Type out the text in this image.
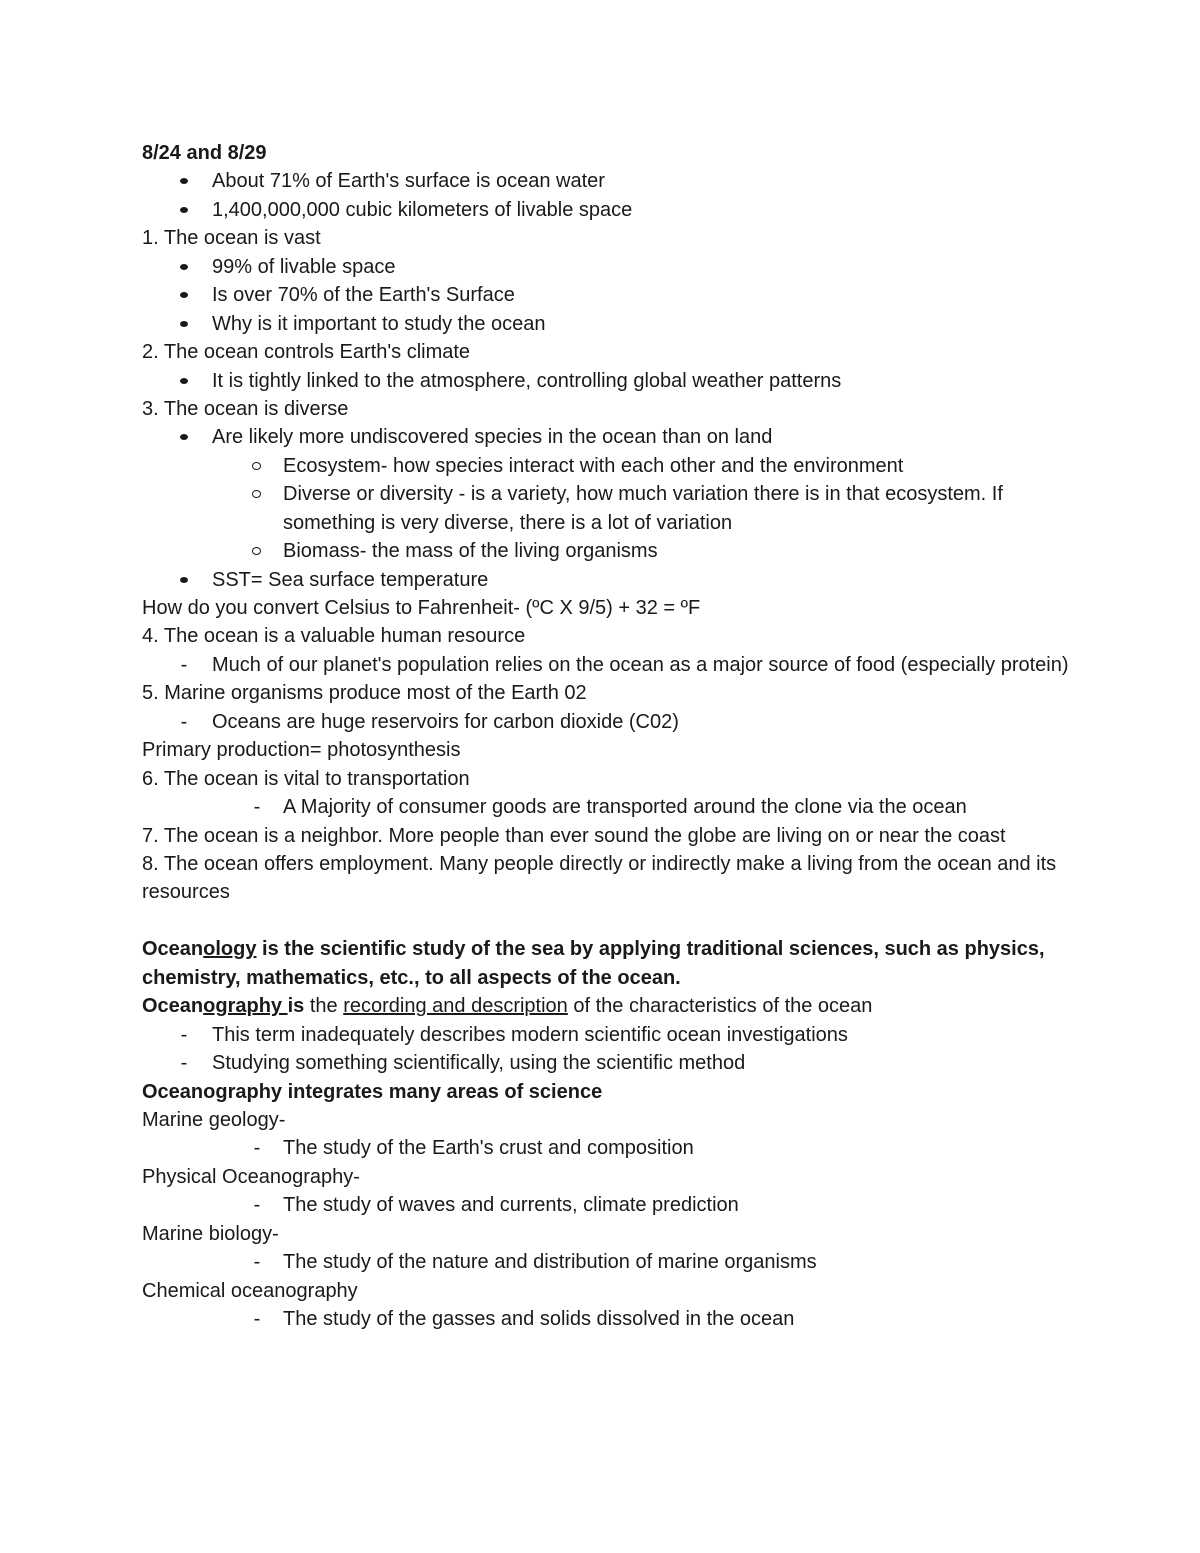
8/24 and 8/29
About 71% of Earth's surface is ocean water
1,400,000,000 cubic kilometers of livable space
1. The ocean is vast
99% of livable space
Is over 70% of the Earth's Surface
Why is it important to study the ocean
2. The ocean controls Earth's climate
It is tightly linked to the atmosphere, controlling global weather patterns
3. The ocean is diverse
Are likely more undiscovered species in the ocean than on land
Ecosystem- how species interact with each other and the environment
Diverse or diversity - is a variety, how much variation there is in that ecosystem. If something is very diverse, there is a lot of variation
Biomass- the mass of the living organisms
SST= Sea surface temperature
How do you convert Celsius to Fahrenheit- (ºC X 9/5) + 32 = ºF
4. The ocean is a valuable human resource
-	Much of our planet's population relies on the ocean as a major source of food (especially protein)
5. Marine organisms produce most of the Earth 02
-	Oceans are huge reservoirs for carbon dioxide (C02)
Primary production= photosynthesis
6. The ocean is vital to transportation
-	A Majority of consumer goods are transported around the clone via the ocean
7. The ocean is a neighbor. More people than ever sound the globe are living on or near the coast
8. The ocean offers employment. Many people directly or indirectly make a living from the ocean and its resources
Oceanology is the scientific study of the sea by applying traditional sciences, such as physics, chemistry, mathematics, etc., to all aspects of the ocean.
Oceanography is the recording and description of the characteristics of the ocean
-	This term inadequately describes modern scientific ocean investigations
-	Studying something scientifically, using the scientific method
Oceanography integrates many areas of science
Marine geology-
-	The study of the Earth's crust and composition
Physical Oceanography-
-	The study of waves and currents, climate prediction
Marine biology-
-	The study of the nature and distribution of marine organisms
Chemical oceanography
-	The study of the gasses and solids dissolved in the ocean
